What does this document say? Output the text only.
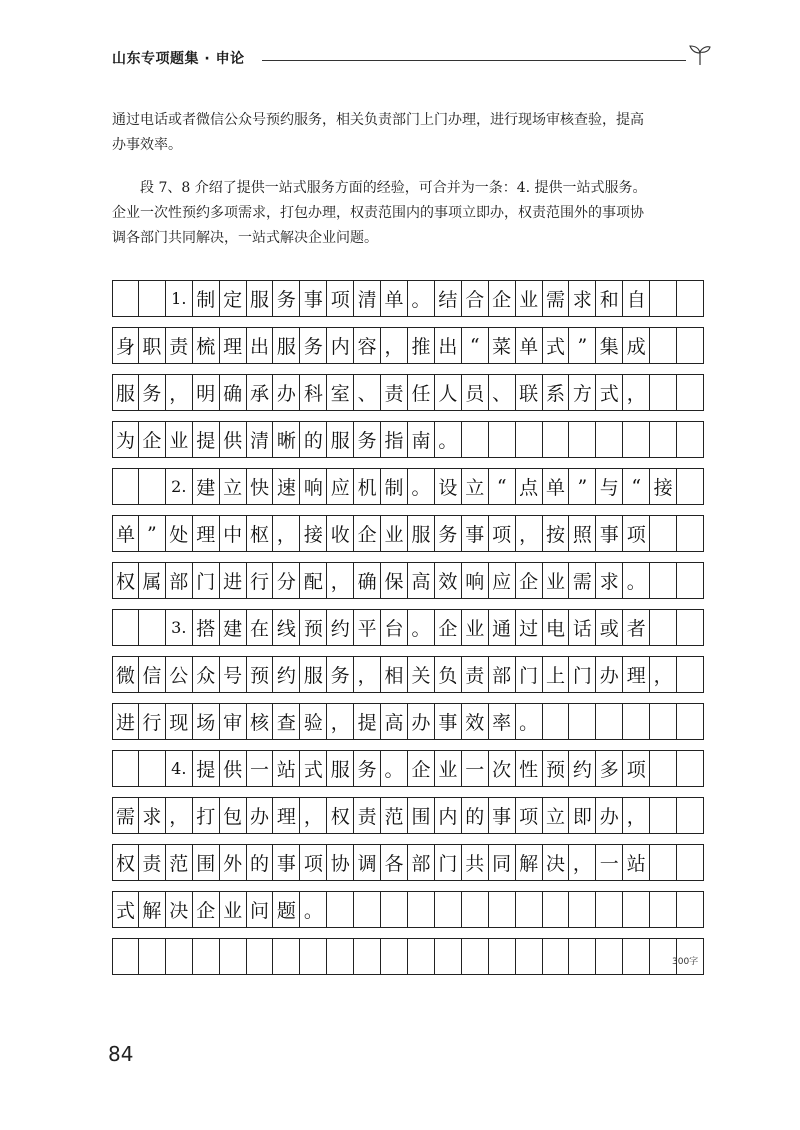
山东专项题集 · 申论

通过电话或者微信公众号预约服务，相关负责部门上门办理，进行现场审核查验，提高

办事效率。

　　段 7、8 介绍了提供一站式服务方面的经验，可合并为一条：4. 提供一站式服务。

企业一次性预约多项需求，打包办理，权责范围内的事项立即办，权责范围外的事项协

调各部门共同解决，一站式解决企业问题。

1. 制 定 服 务 事 项 清 单 。 结 合 企 业 需 求 和 自
身 职 责 梳 理 出 服 务 内 容 ， 推 出 “ 菜 单 式 ” 集 成
服 务 ， 明 确 承 办 科 室 、 责 任 人 员 、 联 系 方 式 ，
为 企 业 提 供 清 晰 的 服 务 指 南 。
2. 建 立 快 速 响 应 机 制 。 设 立 “ 点 单 ” 与 “ 接
单 ” 处 理 中 枢 ， 接 收 企 业 服 务 事 项 ， 按 照 事 项
权 属 部 门 进 行 分 配 ， 确 保 高 效 响 应 企 业 需 求 。
3. 搭 建 在 线 预 约 平 台 。 企 业 通 过 电 话 或 者
微 信 公 众 号 预 约 服 务 ， 相 关 负 责 部 门 上 门 办 理 ，
进 行 现 场 审 核 查 验 ， 提 高 办 事 效 率 。
4. 提 供 一 站 式 服 务 。 企 业 一 次 性 预 约 多 项
需 求 ， 打 包 办 理 ， 权 责 范 围 内 的 事 项 立 即 办 ，
权 责 范 围 外 的 事 项 协 调 各 部 门 共 同 解 决 ， 一 站
式 解 决 企 业 问 题 。
300字
84
